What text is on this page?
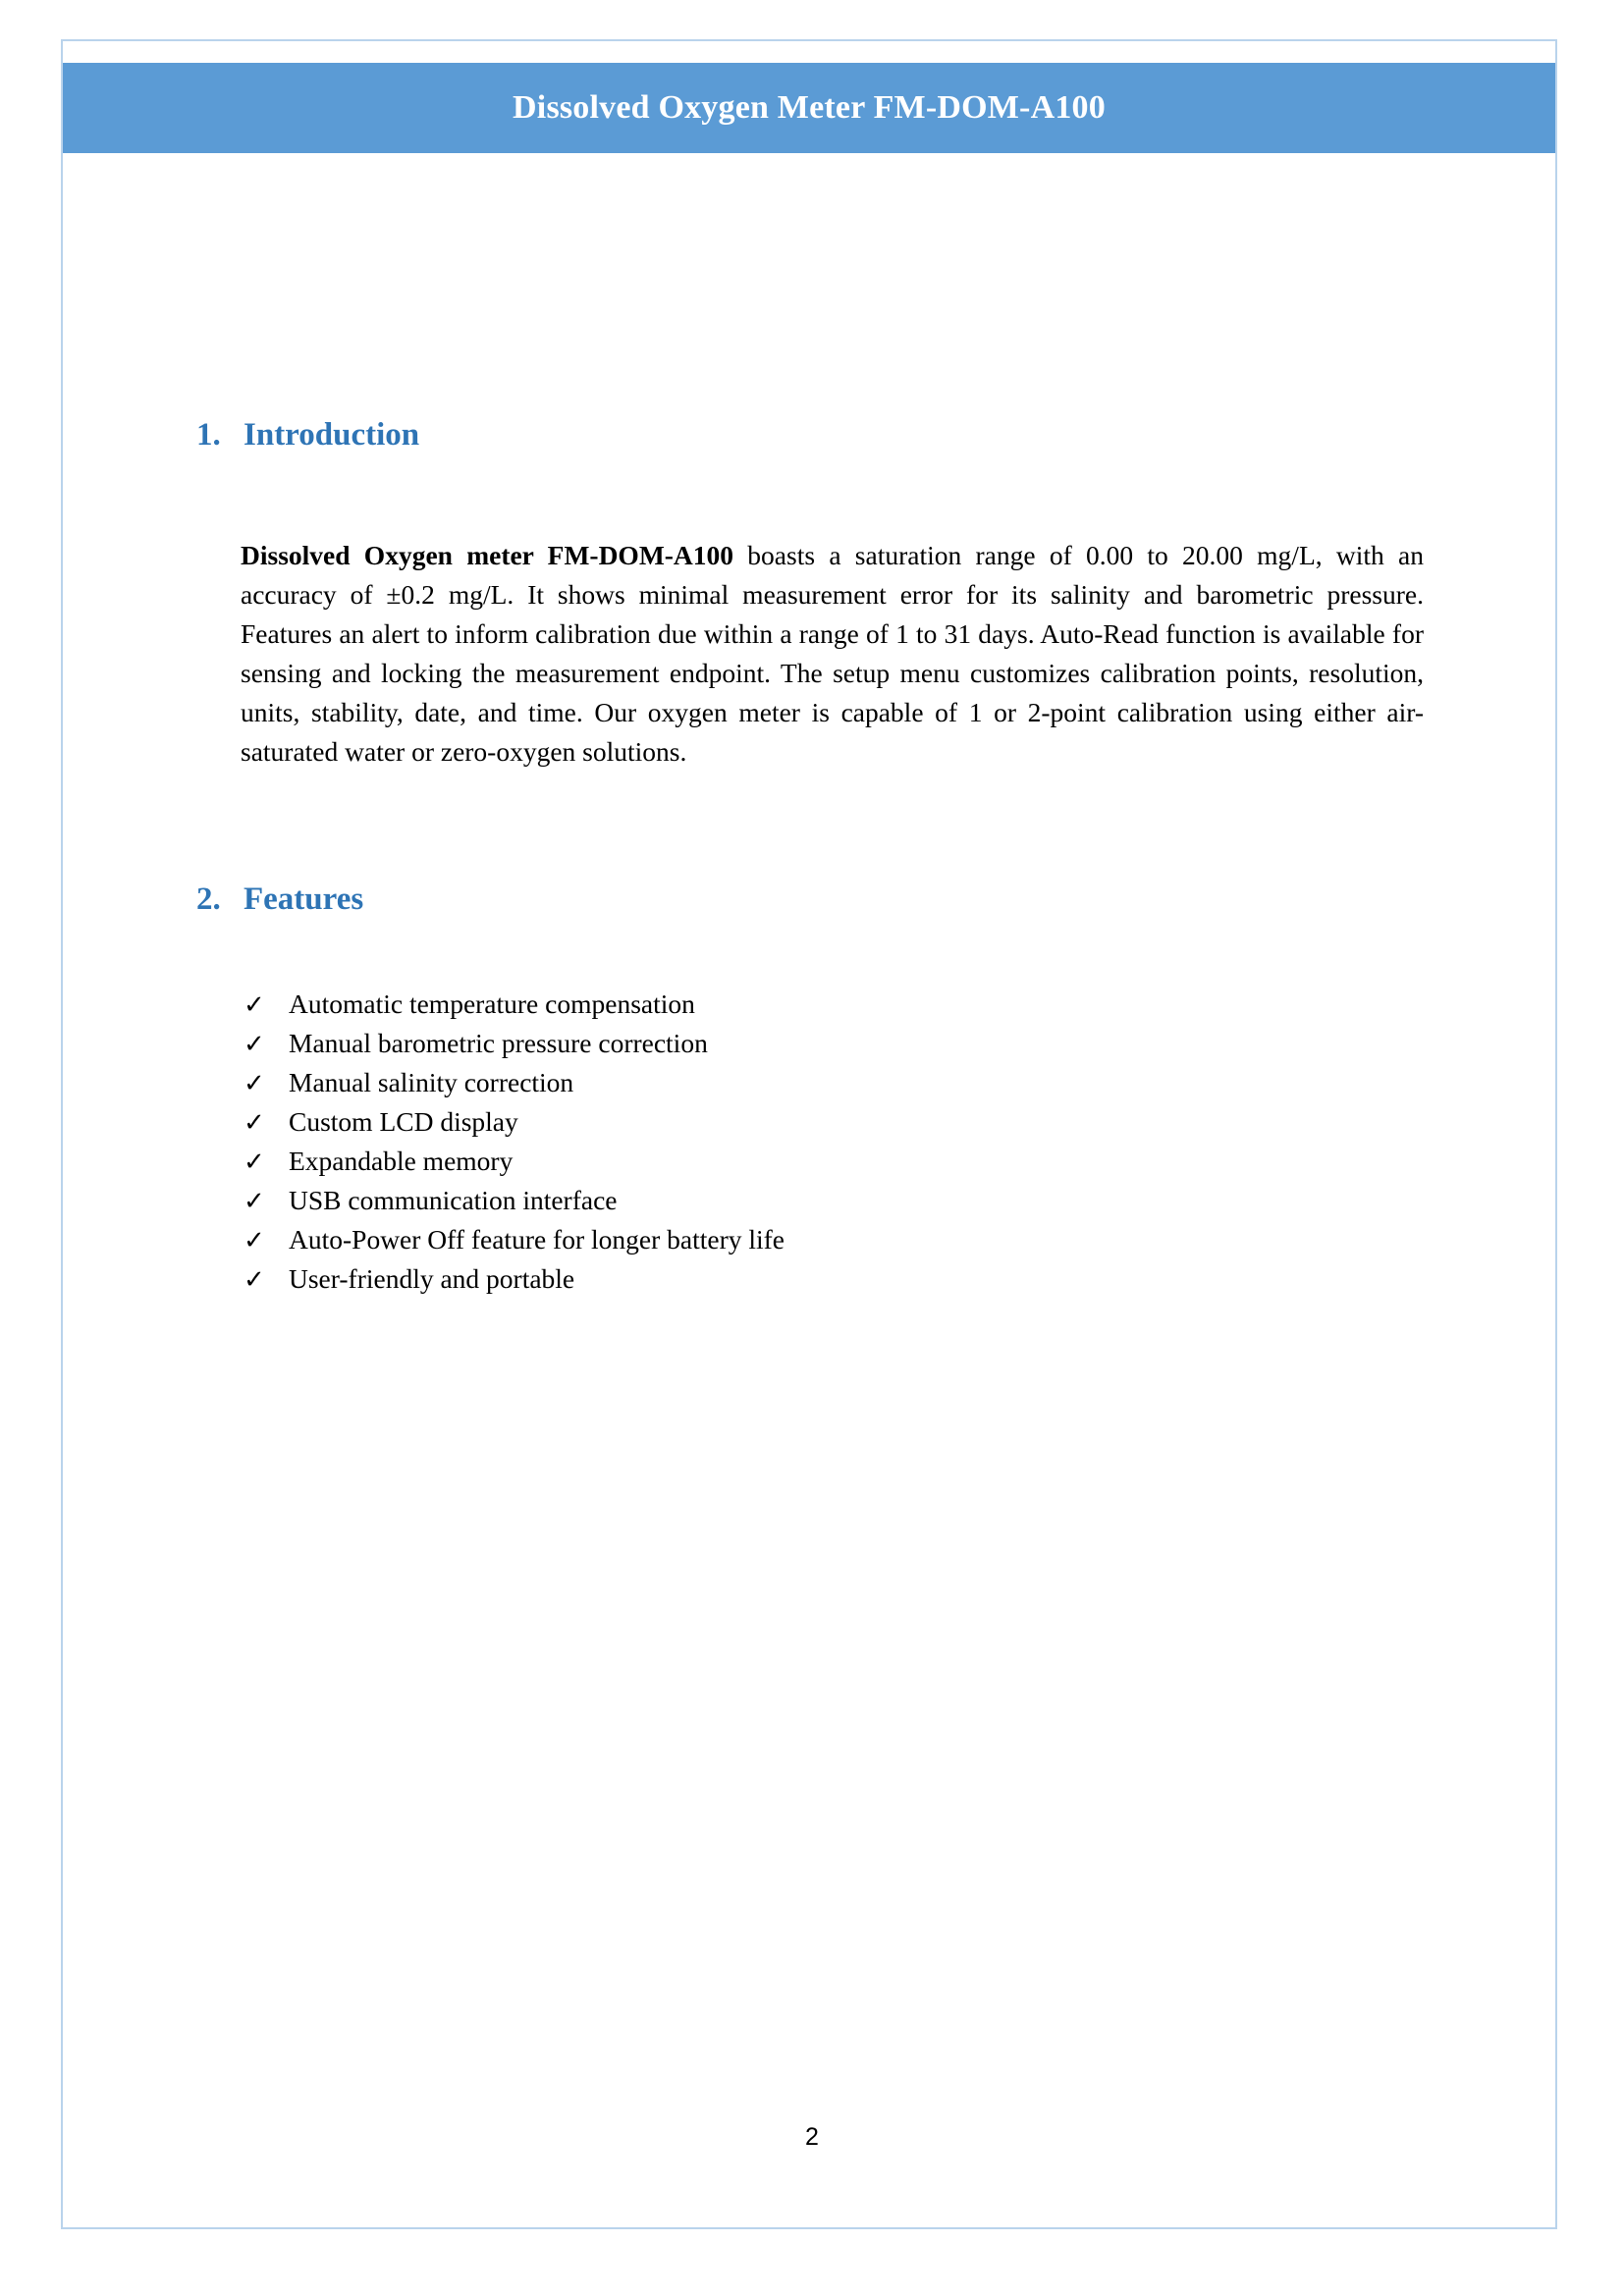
Dissolved Oxygen Meter FM-DOM-A100
1. Introduction

Dissolved Oxygen meter FM-DOM-A100 boasts a saturation range of 0.00 to 20.00 mg/L, with an accuracy of ±0.2 mg/L. It shows minimal measurement error for its salinity and barometric pressure. Features an alert to inform calibration due within a range of 1 to 31 days. Auto-Read function is available for sensing and locking the measurement endpoint. The setup menu customizes calibration points, resolution, units, stability, date, and time. Our oxygen meter is capable of 1 or 2-point calibration using either air-saturated water or zero-oxygen solutions.

2. Features
✓ Automatic temperature compensation
✓ Manual barometric pressure correction
✓ Manual salinity correction
✓ Custom LCD display
✓ Expandable memory
✓ USB communication interface
✓ Auto-Power Off feature for longer battery life
✓ User-friendly and portable
2
